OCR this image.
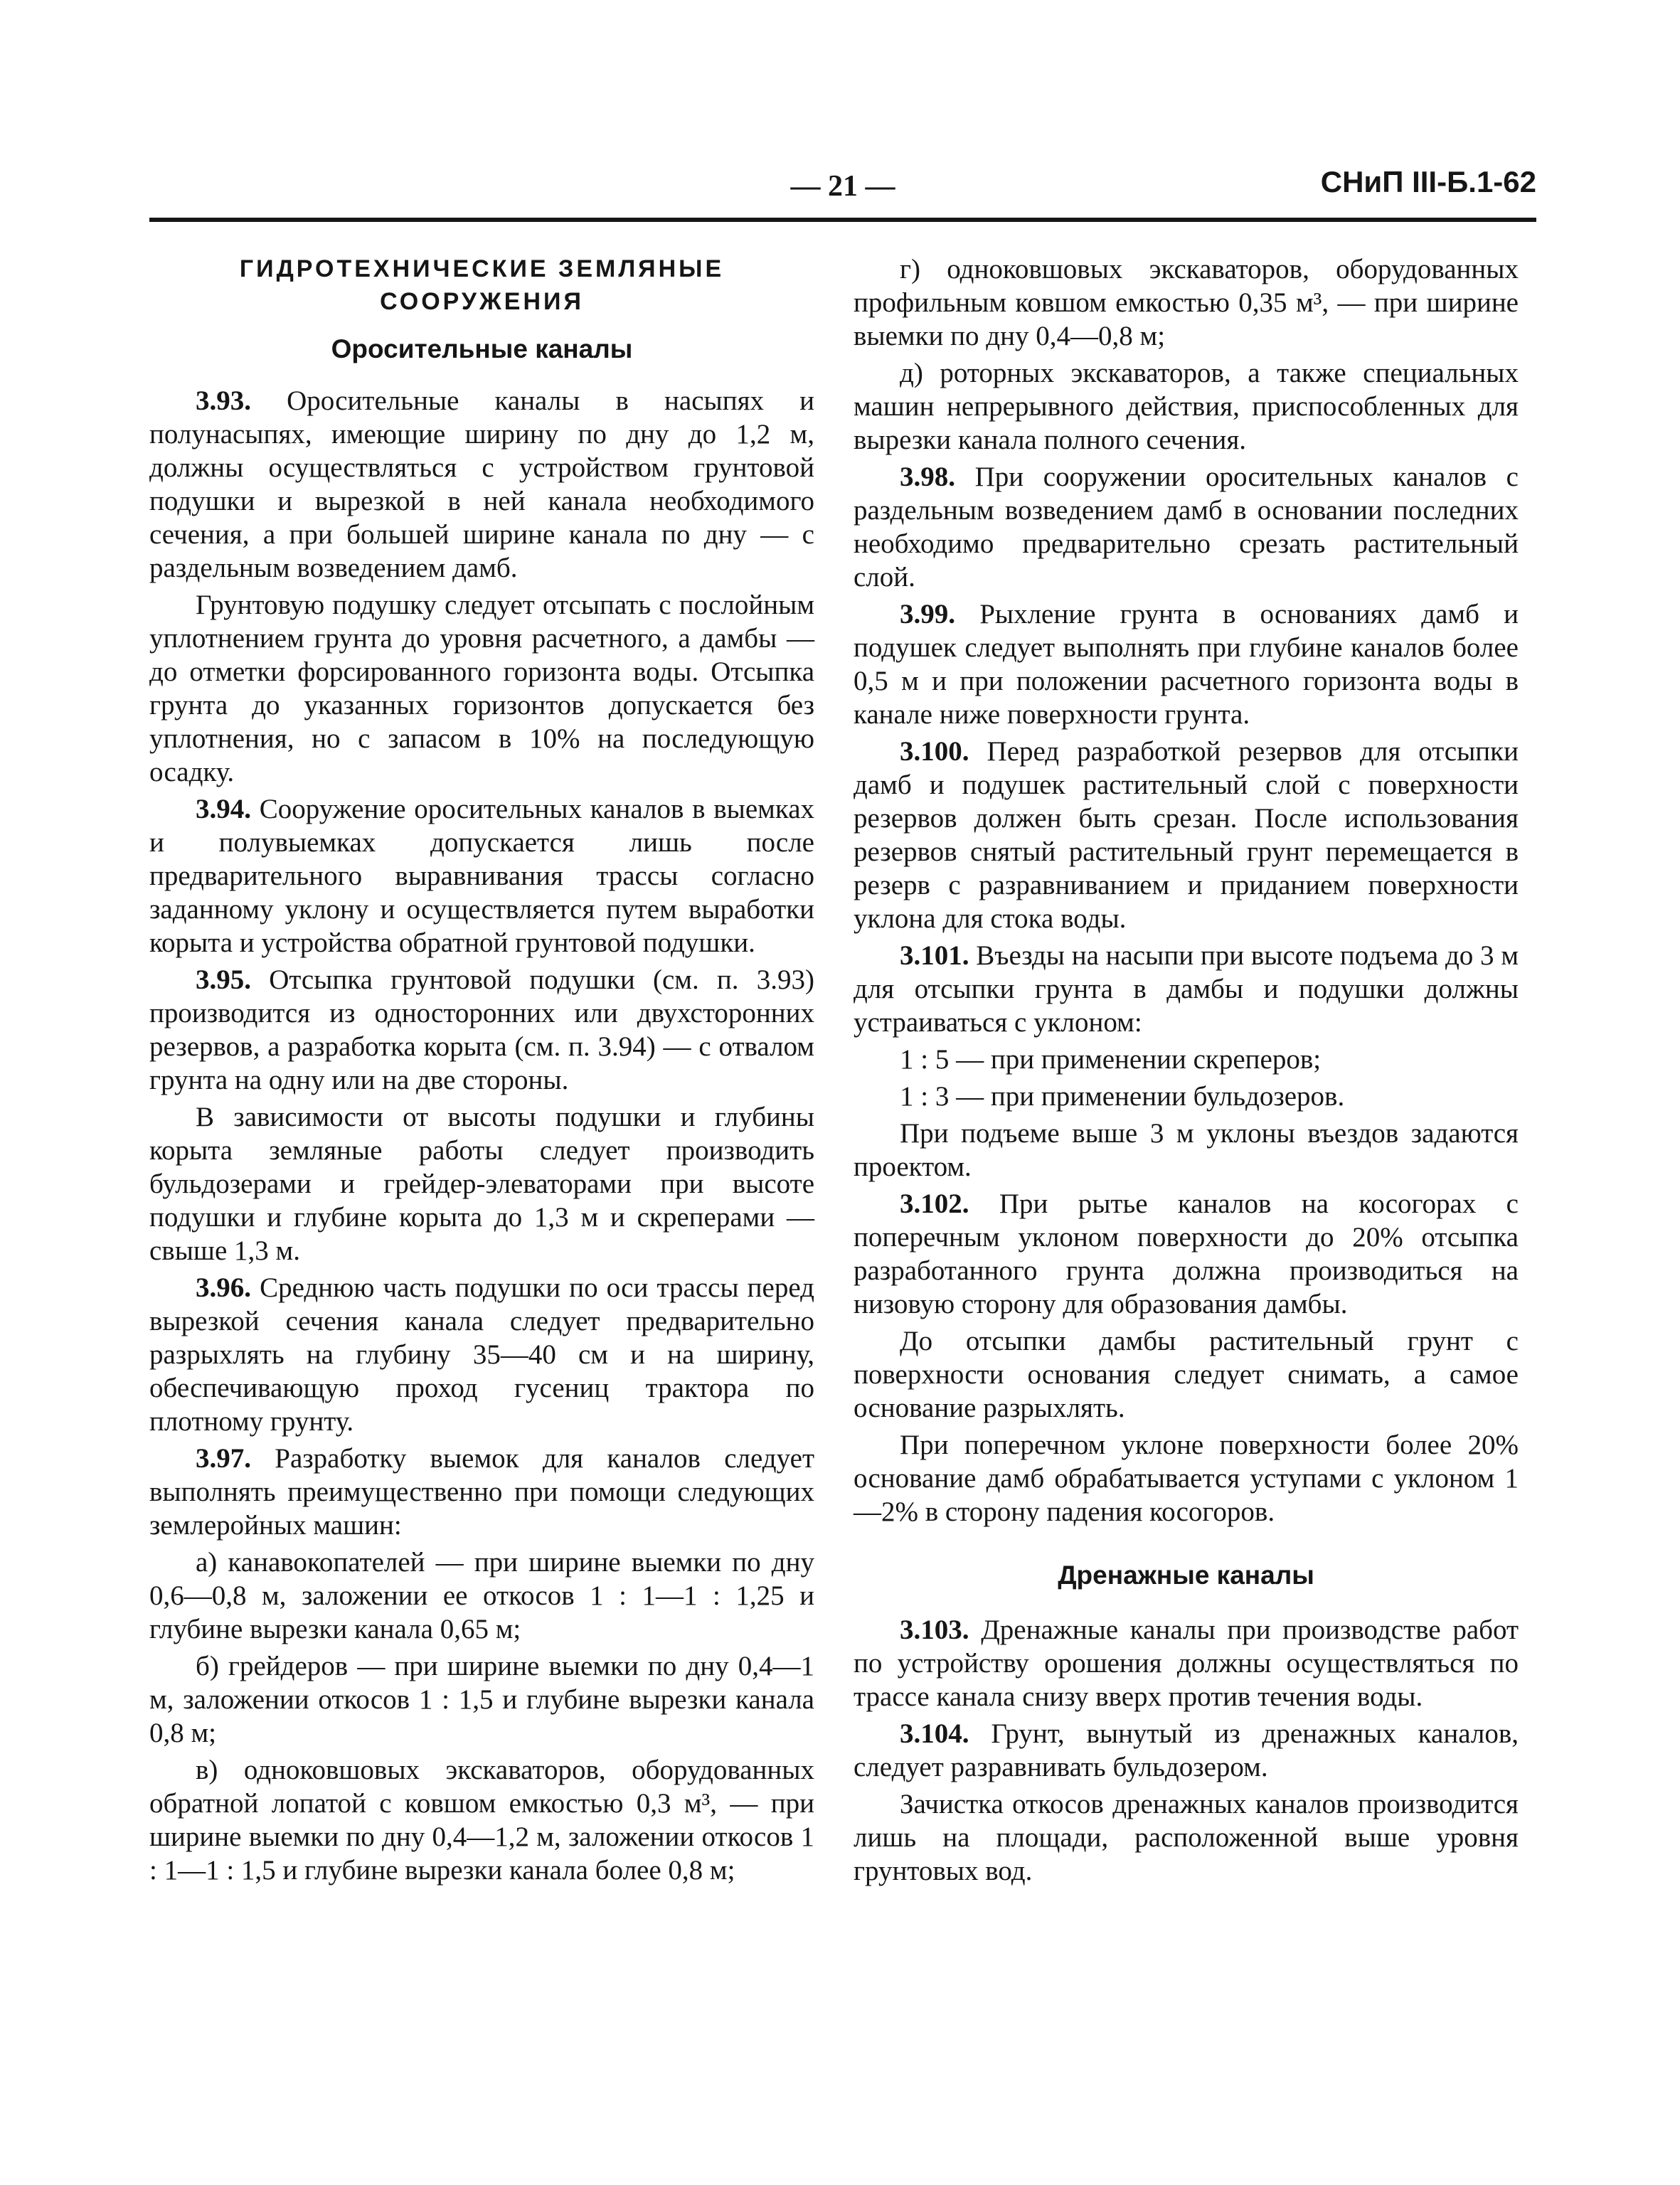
— 21 —	СНиП III-Б.1-62
ГИДРОТЕХНИЧЕСКИЕ ЗЕМЛЯНЫЕ СООРУЖЕНИЯ
Оросительные каналы

3.93. Оросительные каналы в насыпях и полунасыпях, имеющие ширину по дну до 1,2 м, должны осуществляться с устройством грунтовой подушки и вырезкой в ней канала необходимого сечения, а при большей ширине канала по дну — с раздельным возведением дамб.

Грунтовую подушку следует отсыпать с послойным уплотнением грунта до уровня расчетного, а дамбы — до отметки форсированного горизонта воды. Отсыпка грунта до указанных горизонтов допускается без уплотнения, но с запасом в 10% на последующую осадку.

3.94. Сооружение оросительных каналов в выемках и полувыемках допускается лишь после предварительного выравнивания трассы согласно заданному уклону и осуществляется путем выработки корыта и устройства обратной грунтовой подушки.

3.95. Отсыпка грунтовой подушки (см. п. 3.93) производится из односторонних или двухсторонних резервов, а разработка корыта (см. п. 3.94) — с отвалом грунта на одну или на две стороны.

В зависимости от высоты подушки и глубины корыта земляные работы следует производить бульдозерами и грейдер-элеваторами при высоте подушки и глубине корыта до 1,3 м и скреперами — свыше 1,3 м.

3.96. Среднюю часть подушки по оси трассы перед вырезкой сечения канала следует предварительно разрыхлять на глубину 35—40 см и на ширину, обеспечивающую проход гусениц трактора по плотному грунту.

3.97. Разработку выемок для каналов следует выполнять преимущественно при помощи следующих землеройных машин:

а) канавокопателей — при ширине выемки по дну 0,6—0,8 м, заложении ее откосов 1 : 1—1 : 1,25 и глубине вырезки канала 0,65 м;

б) грейдеров — при ширине выемки по дну 0,4—1 м, заложении откосов 1 : 1,5 и глубине вырезки канала 0,8 м;

в) одноковшовых экскаваторов, оборудованных обратной лопатой с ковшом емкостью 0,3 м³, — при ширине выемки по дну 0,4—1,2 м, заложении откосов 1 : 1—1 : 1,5 и глубине вырезки канала более 0,8 м;

г) одноковшовых экскаваторов, оборудованных профильным ковшом емкостью 0,35 м³, — при ширине выемки по дну 0,4—0,8 м;

д) роторных экскаваторов, а также специальных машин непрерывного действия, приспособленных для вырезки канала полного сечения.

3.98. При сооружении оросительных каналов с раздельным возведением дамб в основании последних необходимо предварительно срезать растительный слой.

3.99. Рыхление грунта в основаниях дамб и подушек следует выполнять при глубине каналов более 0,5 м и при положении расчетного горизонта воды в канале ниже поверхности грунта.

3.100. Перед разработкой резервов для отсыпки дамб и подушек растительный слой с поверхности резервов должен быть срезан. После использования резервов снятый растительный грунт перемещается в резерв с разравниванием и приданием поверхности уклона для стока воды.

3.101. Въезды на насыпи при высоте подъема до 3 м для отсыпки грунта в дамбы и подушки должны устраиваться с уклоном:

1 : 5 — при применении скреперов;

1 : 3 — при применении бульдозеров.

При подъеме выше 3 м уклоны въездов задаются проектом.

3.102. При рытье каналов на косогорах с поперечным уклоном поверхности до 20% отсыпка разработанного грунта должна производиться на низовую сторону для образования дамбы.

До отсыпки дамбы растительный грунт с поверхности основания следует снимать, а самое основание разрыхлять.

При поперечном уклоне поверхности более 20% основание дамб обрабатывается уступами с уклоном 1—2% в сторону падения косогоров.

Дренажные каналы

3.103. Дренажные каналы при производстве работ по устройству орошения должны осуществляться по трассе канала снизу вверх против течения воды.

3.104. Грунт, вынутый из дренажных каналов, следует разравнивать бульдозером.

Зачистка откосов дренажных каналов производится лишь на площади, расположенной выше уровня грунтовых вод.
